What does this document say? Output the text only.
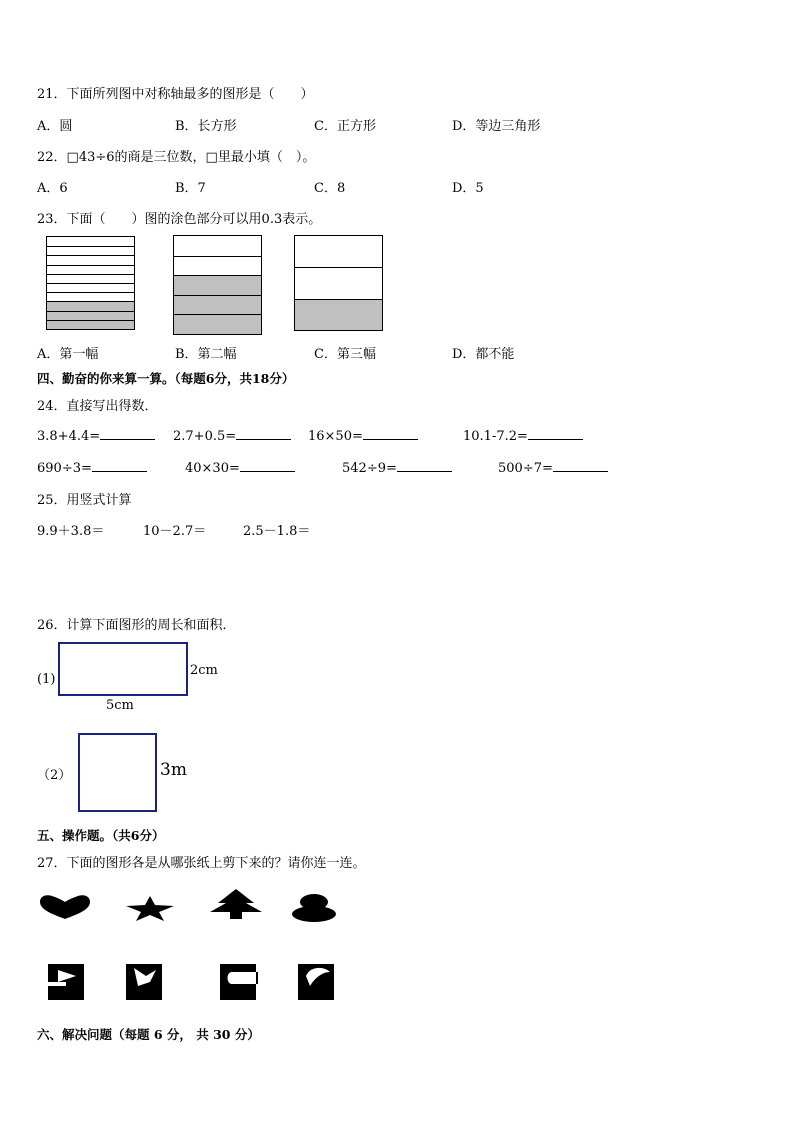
21．下面所列图中对称轴最多的图形是（　　）
A．圆	B．长方形	C．正方形	D．等边三角形
22．□43÷6的商是三位数，□里最小填（　）。
A．6	B．7	C．8	D．5
23．下面（　　）图的涂色部分可以用0.3表示。
A．第一幅	B．第二幅	C．第三幅	D．都不能
四、勤奋的你来算一算。（每题6分，共18分）
24．直接写出得数．
3.8+4.4=	2.7+0.5=	16×50=	10.1-7.2=
690÷3=	40×30=	542÷9=	500÷7=
25．用竖式计算
9.9＋3.8＝	10－2.7＝	2.5－1.8＝
26．计算下面图形的周长和面积．
(1)
2cm
5cm
（2）	3m
五、操作题。（共6分）
27．下面的图形各是从哪张纸上剪下来的？请你连一连。
六、解决问题（每题 6 分， 共 30 分）
